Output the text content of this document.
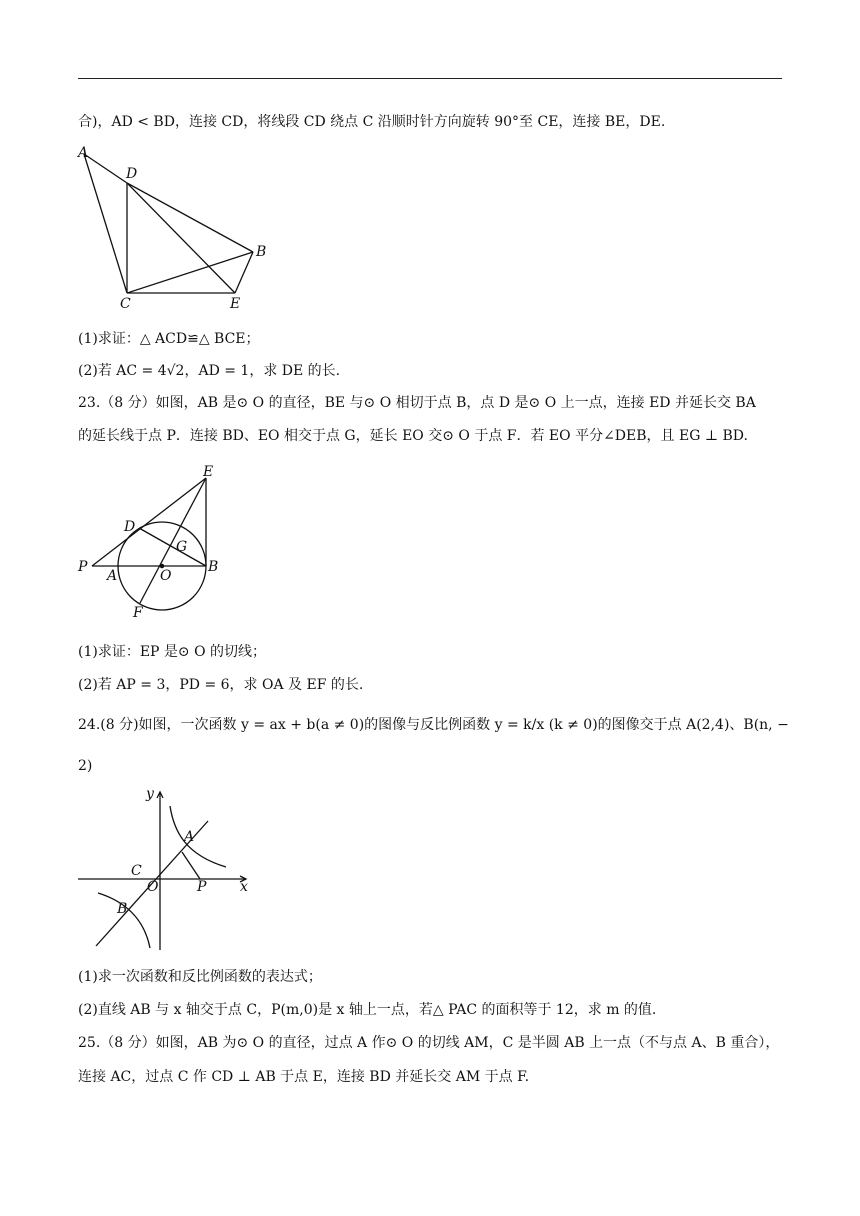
合)，AD < BD，连接 CD，将线段 CD 绕点 C 沿顺时针方向旋转 90°至 CE，连接 BE，DE.
A
D
B
C	E
(1)求证：△ ACD≌△ BCE；
(2)若 AC = 4√2，AD = 1，求 DE 的长.
23.（8 分）如图，AB 是⊙ O 的直径，BE 与⊙ O 相切于点 B，点 D 是⊙ O 上一点，连接 ED 并延长交 BA
的延长线于点 P．连接 BD、EO 相交于点 G，延长 EO 交⊙ O 于点 F．若 EO 平分∠DEB，且 EG ⊥ BD.
E
D
G
P
A	O
B
F
(1)求证：EP 是⊙ O 的切线；
(2)若 AP = 3，PD = 6，求 OA 及 EF 的长.
24.(8 分)如图，一次函数 y = ax + b(a ≠ 0)的图像与反比例函数 y = k/x (k ≠ 0)的图像交于点 A(2,4)、B(n, −
2)
y
A
C
O	P x
B
(1)求一次函数和反比例函数的表达式；
(2)直线 AB 与 x 轴交于点 C，P(m,0)是 x 轴上一点，若△ PAC 的面积等于 12，求 m 的值.
25.（8 分）如图，AB 为⊙ O 的直径，过点 A 作⊙ O 的切线 AM，C 是半圆 AB 上一点（不与点 A、B 重合），
连接 AC，过点 C 作 CD ⊥ AB 于点 E，连接 BD 并延长交 AM 于点 F.
